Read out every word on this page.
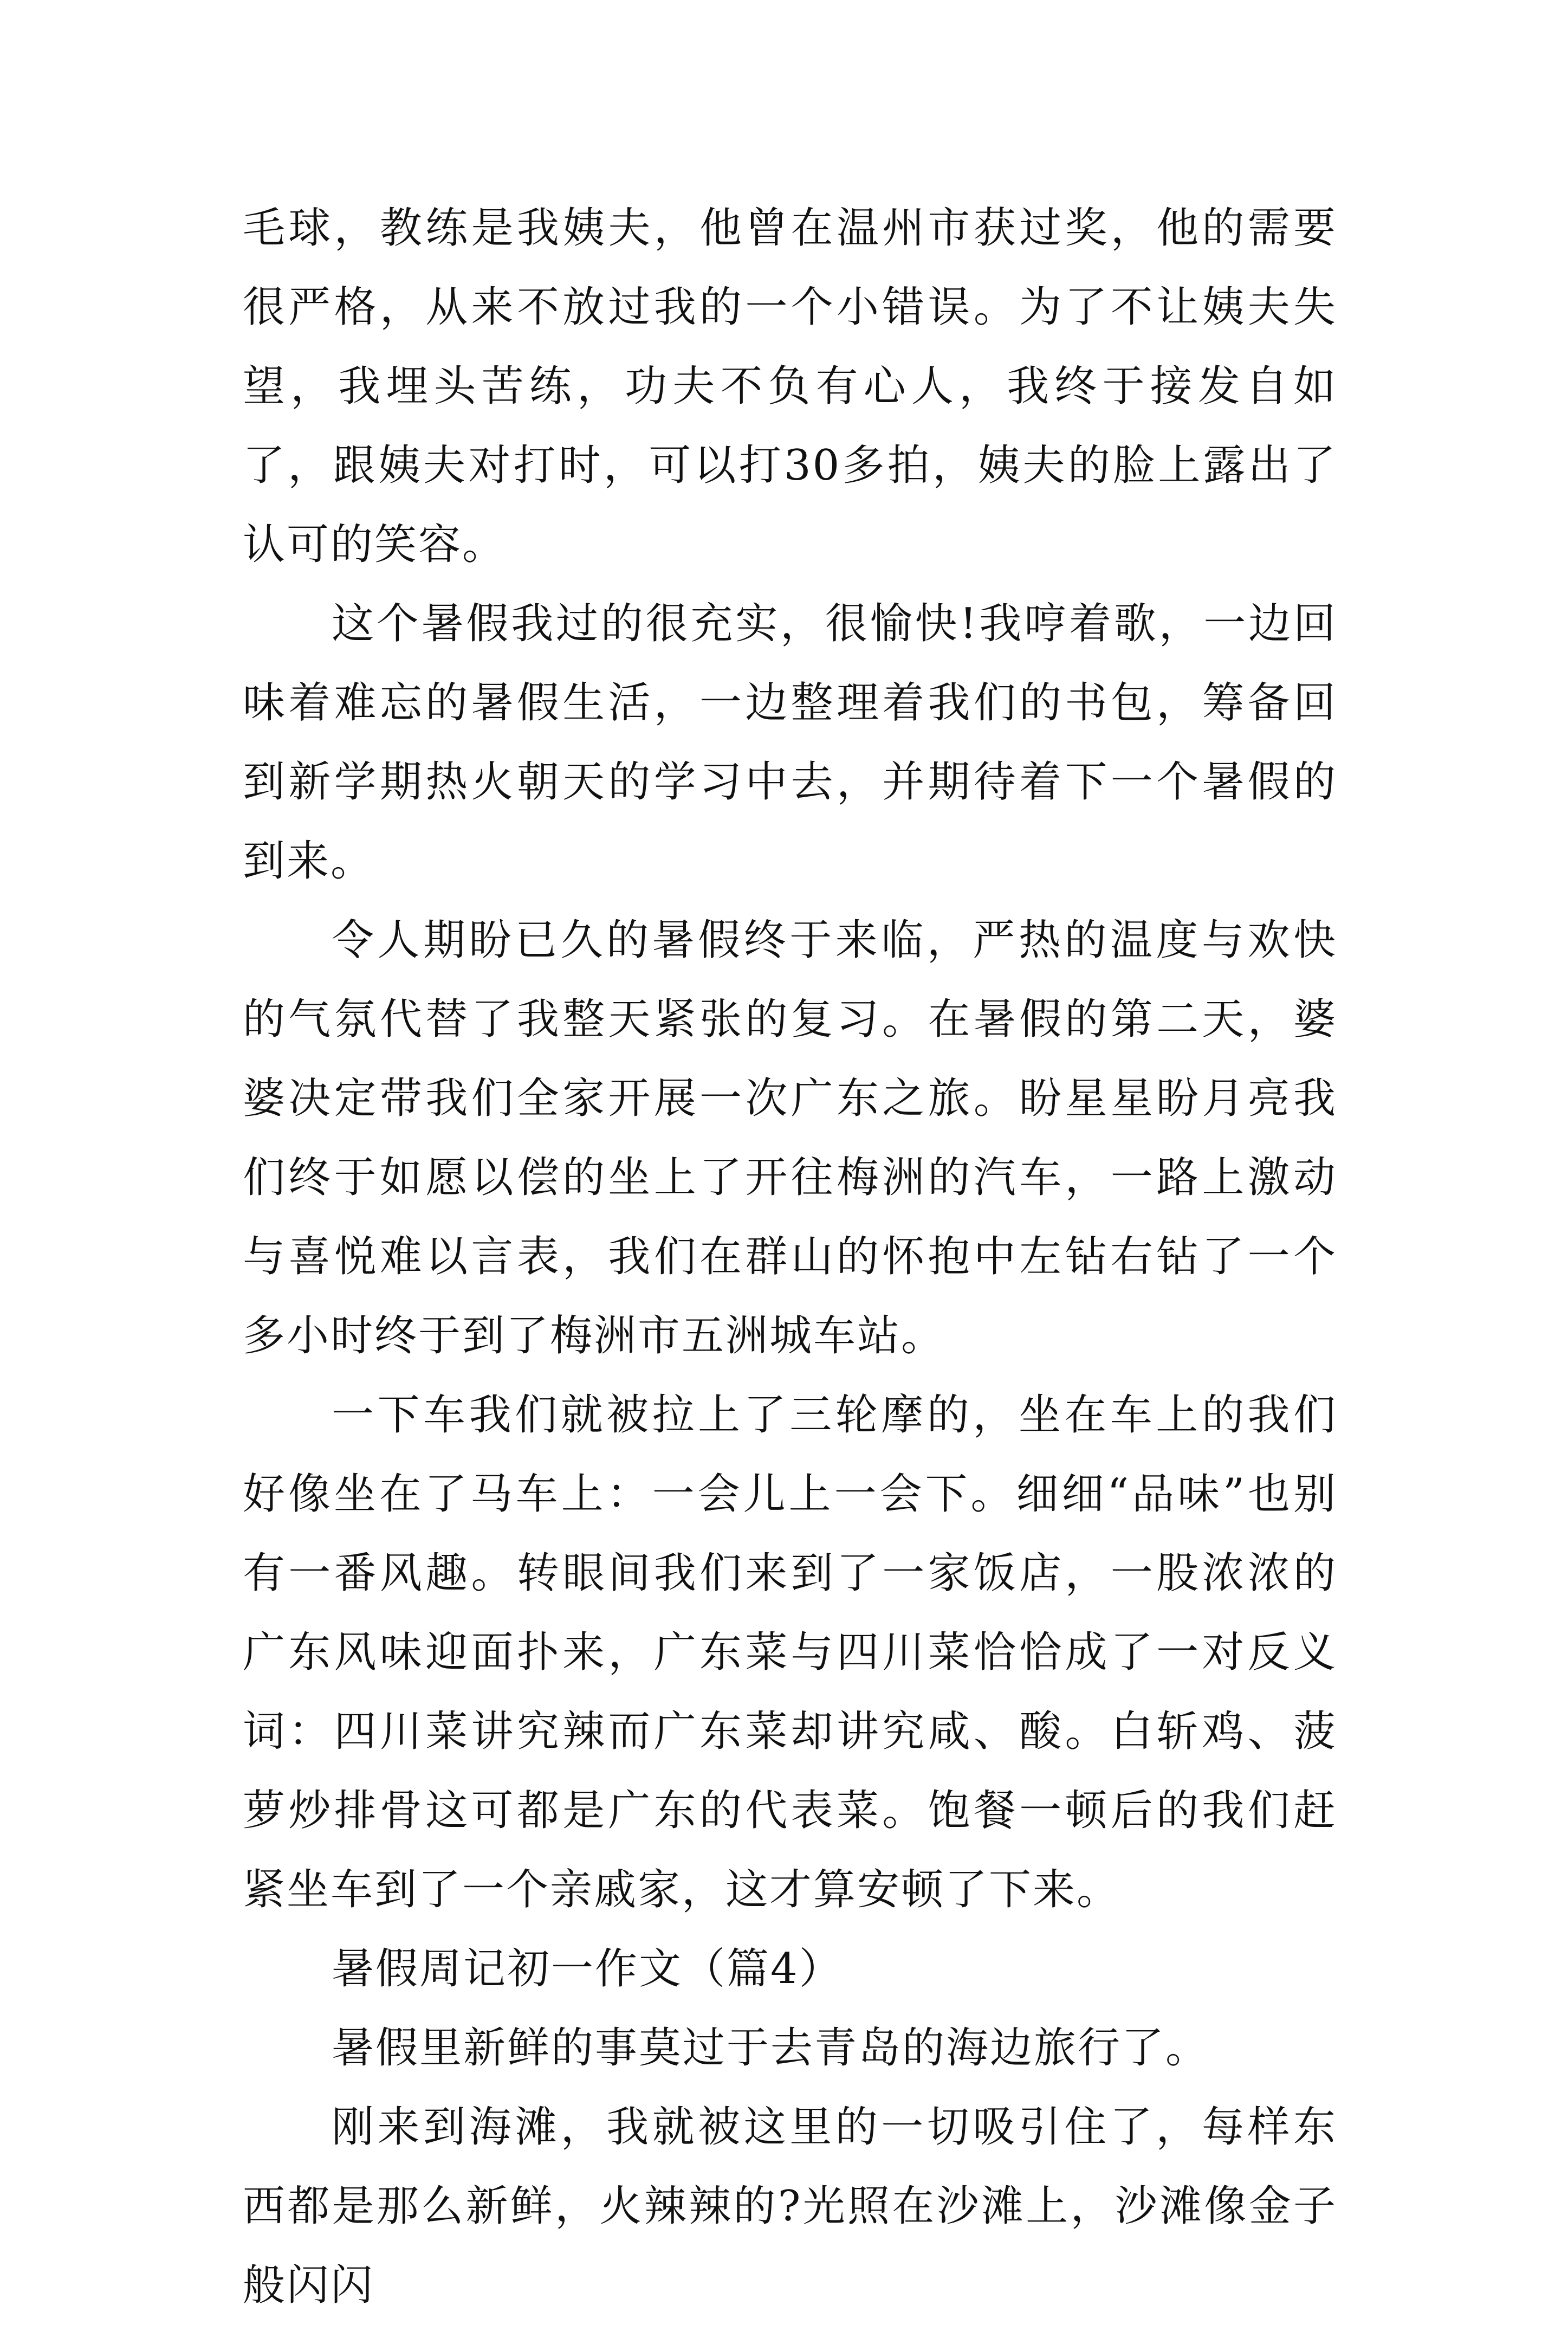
毛球，教练是我姨夫，他曾在温州市获过奖，他的需要很严格，从来不放过我的一个小错误。为了不让姨夫失望，我埋头苦练，功夫不负有心人，我终于接发自如了，跟姨夫对打时，可以打30多拍，姨夫的脸上露出了认可的笑容。

这个暑假我过的很充实，很愉快!我哼着歌，一边回味着难忘的暑假生活，一边整理着我们的书包，筹备回到新学期热火朝天的学习中去，并期待着下一个暑假的到来。

令人期盼已久的暑假终于来临，严热的温度与欢快的气氛代替了我整天紧张的复习。在暑假的第二天，婆婆决定带我们全家开展一次广东之旅。盼星星盼月亮我们终于如愿以偿的坐上了开往梅洲的汽车，一路上激动与喜悦难以言表，我们在群山的怀抱中左钻右钻了一个多小时终于到了梅洲市五洲城车站。

一下车我们就被拉上了三轮摩的，坐在车上的我们好像坐在了马车上：一会儿上一会下。细细“品味”也别有一番风趣。转眼间我们来到了一家饭店，一股浓浓的广东风味迎面扑来，广东菜与四川菜恰恰成了一对反义词：四川菜讲究辣而广东菜却讲究咸、酸。白斩鸡、菠萝炒排骨这可都是广东的代表菜。饱餐一顿后的我们赶紧坐车到了一个亲戚家，这才算安顿了下来。

暑假周记初一作文（篇4）

暑假里新鲜的事莫过于去青岛的海边旅行了。

刚来到海滩，我就被这里的一切吸引住了，每样东西都是那么新鲜，火辣辣的?光照在沙滩上，沙滩像金子般闪闪
